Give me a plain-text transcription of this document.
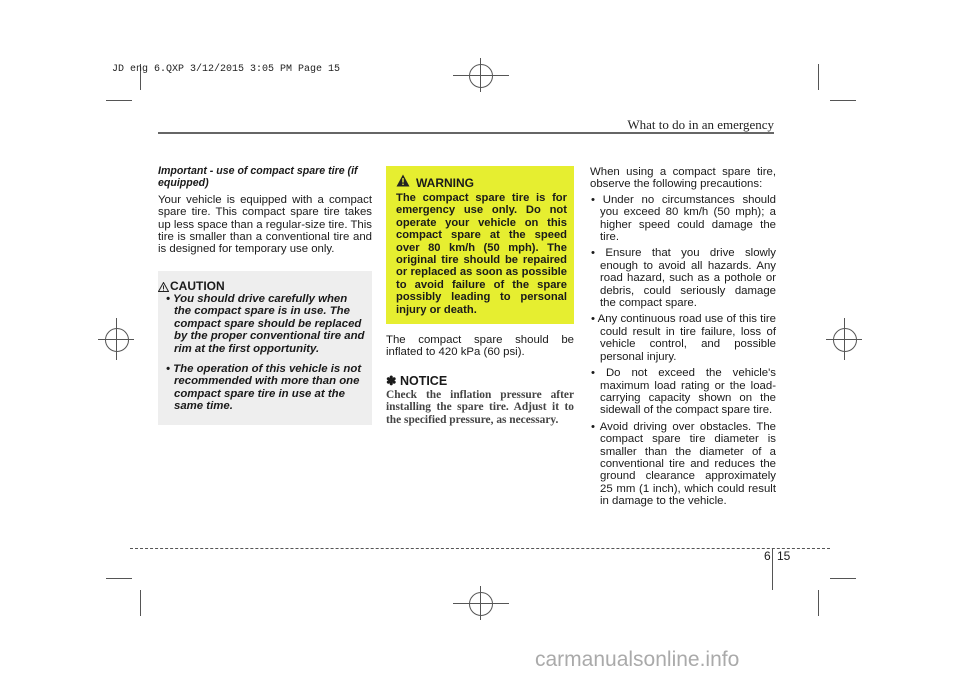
JD eng 6.QXP 3/12/2015 3:05 PM Page 15
What to do in an emergency
Important - use of compact spare tire (if equipped)

Your vehicle is equipped with a compact spare tire. This compact spare tire takes up less space than a regular-size tire. This tire is smaller than a conventional tire and is designed for temporary use only.

CAUTION
• You should drive carefully when the compact spare is in use. The compact spare should be replaced by the proper conventional tire and rim at the first opportunity.
• The operation of this vehicle is not recommended with more than one compact spare tire in use at the same time.
WARNING

The compact spare tire is for emergency use only. Do not operate your vehicle on this compact spare at the speed over 80 km/h (50 mph). The original tire should be repaired or replaced as soon as possible to avoid failure of the spare possibly leading to personal injury or death.

The compact spare should be inflated to 420 kPa (60 psi).

✽ NOTICE

Check the inflation pressure after installing the spare tire. Adjust it to the specified pressure, as necessary.

When using a compact spare tire, observe the following precautions:

• Under no circumstances should you exceed 80 km/h (50 mph); a higher speed could damage the tire.
• Ensure that you drive slowly enough to avoid all hazards. Any road hazard, such as a pothole or debris, could seriously damage the compact spare.
• Any continuous road use of this tire could result in tire failure, loss of vehicle control, and possible personal injury.
• Do not exceed the vehicle's maximum load rating or the load-carrying capacity shown on the sidewall of the compact spare tire.
• Avoid driving over obstacles. The compact spare tire diameter is smaller than the diameter of a conventional tire and reduces the ground clearance approximately 25 mm (1 inch), which could result in damage to the vehicle.
6 15
carmanualsonline.info
